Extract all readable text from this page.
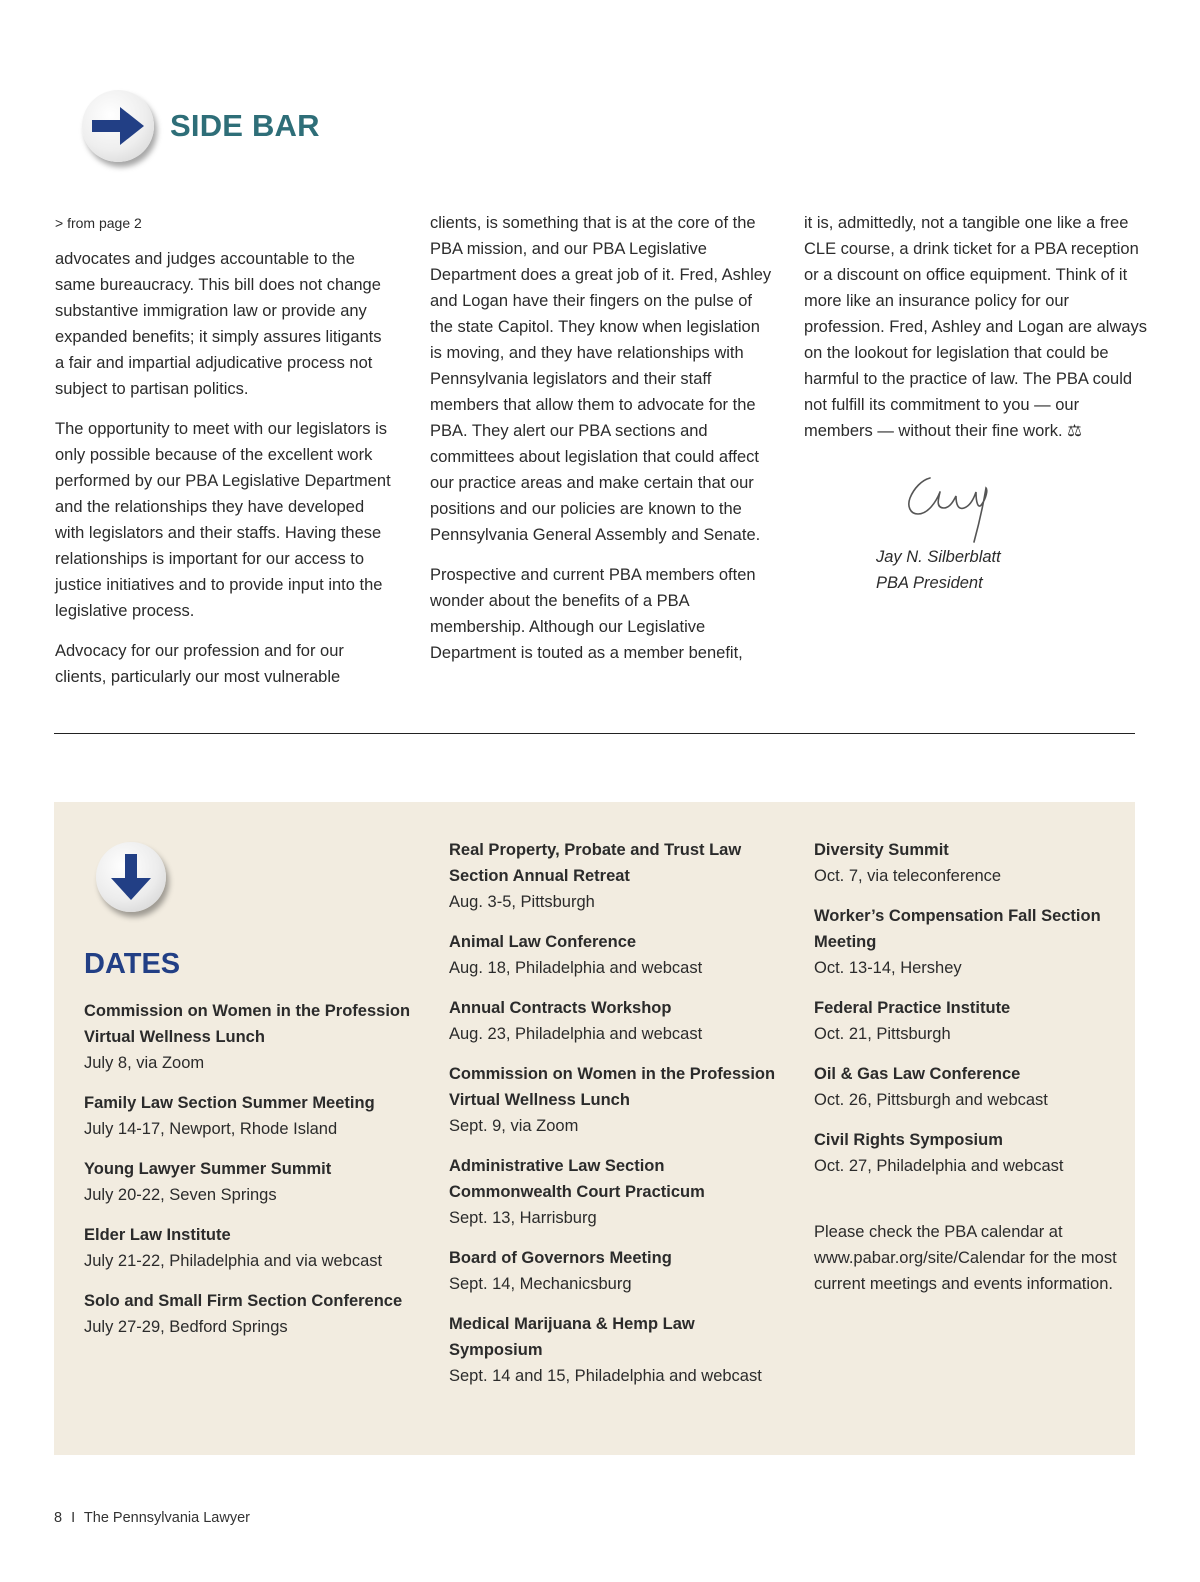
SIDE BAR

> from page 2

advocates and judges accountable to the same bureaucracy. This bill does not change substantive immigration law or provide any expanded benefits; it simply assures litigants a fair and impartial adjudicative process not subject to partisan politics.

The opportunity to meet with our legislators is only possible because of the excellent work performed by our PBA Legislative Department and the relationships they have developed with legislators and their staffs. Having these relationships is important for our access to justice initiatives and to provide input into the legislative process.

Advocacy for our profession and for our clients, particularly our most vulnerable

clients, is something that is at the core of the PBA mission, and our PBA Legislative Department does a great job of it. Fred, Ashley and Logan have their fingers on the pulse of the state Capitol. They know when legislation is moving, and they have relationships with Pennsylvania legislators and their staff members that allow them to advocate for the PBA. They alert our PBA sections and committees about legislation that could affect our practice areas and make certain that our positions and our policies are known to the Pennsylvania General Assembly and Senate.

Prospective and current PBA members often wonder about the benefits of a PBA membership. Although our Legislative Department is touted as a member benefit,

it is, admittedly, not a tangible one like a free CLE course, a drink ticket for a PBA reception or a discount on office equipment. Think of it more like an insurance policy for our profession. Fred, Ashley and Logan are always on the lookout for legislation that could be harmful to the practice of law. The PBA could not fulfill its commitment to you — our members — without their fine work. ⚖

Jay N. Silberblatt
PBA President
DATES
Commission on Women in the Profession Virtual Wellness Lunch
July 8, via Zoom
Family Law Section Summer Meeting
July 14-17, Newport, Rhode Island
Young Lawyer Summer Summit
July 20-22, Seven Springs
Elder Law Institute
July 21-22, Philadelphia and via webcast
Solo and Small Firm Section Conference
July 27-29, Bedford Springs
Real Property, Probate and Trust Law Section Annual Retreat
Aug. 3-5, Pittsburgh
Animal Law Conference
Aug. 18, Philadelphia and webcast
Annual Contracts Workshop
Aug. 23, Philadelphia and webcast
Commission on Women in the Profession Virtual Wellness Lunch
Sept. 9, via Zoom
Administrative Law Section Commonwealth Court Practicum
Sept. 13, Harrisburg
Board of Governors Meeting
Sept. 14, Mechanicsburg
Medical Marijuana & Hemp Law Symposium
Sept. 14 and 15, Philadelphia and webcast
Diversity Summit
Oct. 7, via teleconference
Worker’s Compensation Fall Section Meeting
Oct. 13-14, Hershey
Federal Practice Institute
Oct. 21, Pittsburgh
Oil & Gas Law Conference
Oct. 26, Pittsburgh and webcast
Civil Rights Symposium
Oct. 27, Philadelphia and webcast
Please check the PBA calendar at www.pabar.org/site/Calendar for the most current meetings and events information.
8 I The Pennsylvania Lawyer
